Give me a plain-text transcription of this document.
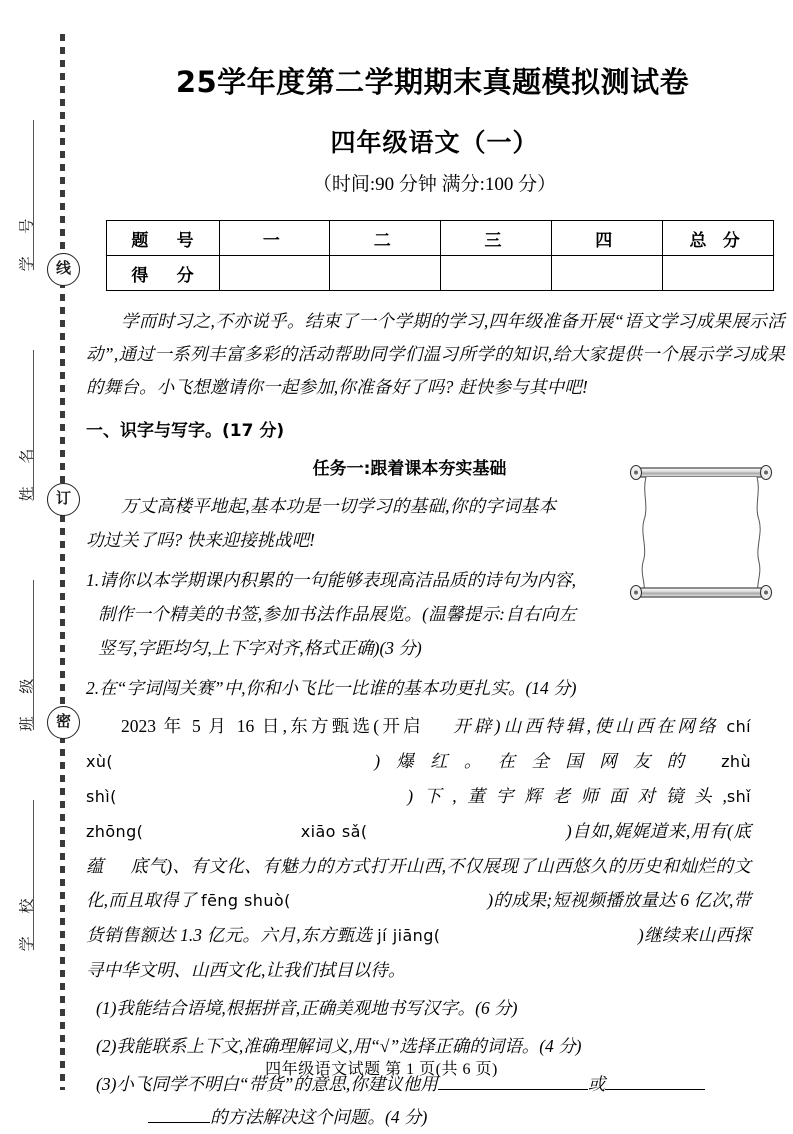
学 号
姓 名
班 级
学 校
线
订
密
25学年度第二学期期末真题模拟测试卷
四年级语文（一）
（时间:90 分钟 满分:100 分）
题 号	一	二	三	四	总 分
得 分					

学而时习之,不亦说乎。结束了一个学期的学习,四年级准备开展“语文学习成果展示活动”,通过一系列丰富多彩的活动帮助同学们温习所学的知识,给大家提供一个展示学习成果的舞台。小飞想邀请你一起参加,你准备好了吗? 赶快参与其中吧!

一、识字与写字。(17 分)
任务一:跟着课本夯实基础

万丈高楼平地起,基本功是一切学习的基础,你的字词基本功过关了吗? 快来迎接挑战吧!

1.请你以本学期课内积累的一句能够表现高洁品质的诗句为内容,制作一个精美的书签,参加书法作品展览。(温馨提示:自右向左竖写,字距均匀,上下字对齐,格式正确)(3 分)

2.在“字词闯关赛”中,你和小飞比一比谁的基本功更扎实。(14 分)

2023 年 5 月 16 日,东方甄选(开启 开辟)山西特辑,使山西在网络 chí xù(    )爆红。在全国网友的 zhù shì(     )下,董宇辉老师面对镜头,shǐ zhōng(   xiāo sǎ(    )自如,娓娓道来,用有(底蕴 底气)、有文化、有魅力的方式打开山西,不仅展现了山西悠久的历史和灿烂的文化,而且取得了 fēng shuò(    )的成果;短视频播放量达 6 亿次,带货销售额达 1.3 亿元。六月,东方甄选 jí jiāng(    )继续来山西探寻中华文明、山西文化,让我们拭目以待。

(1)我能结合语境,根据拼音,正确美观地书写汉字。(6 分)

(2)我能联系上下文,准确理解词义,用“√”选择正确的词语。(4 分)

(3)小飞同学不明白“带货”的意思,你建议他用	或
的方法解决这个问题。(4 分)

四年级语文试题 第 1 页(共 6 页)
